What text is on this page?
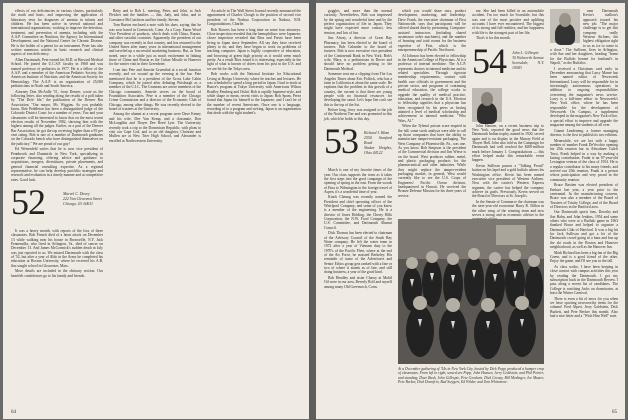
effects of our deficiencies in various classes, particularly the math and basic, and improving the application of laboratory tests for diagnoses of anemia in infants and children. He has been active in several national and international organizations, working to improve the detection, treatment, and prevention of anemia, including with the A.A.P. Committee on Nutrition, the Agency for International Development, and the National Center for Chronic Disease. He is the holder of a patent for an instrument. Peter has also written numerous articles in basic research and clinical aspects of iron deficiency.

Allen Dartmouth, Pete earned his M.D. at Harvard Medical School. He joined the U.C.S.F. faculty in 1968 and was named professor of pediatrics in 1977. He is a fellow of the A.A.P. and a member of the American Pediatric Society, the American Institute of Nutrition, and the American Society for Hematology. The A.A.P. is an organization of 25,000 pediatricians in North and South America.

Attorney Don McArdle '51, from Denver, wrote us the following letter, also sending along the results of a poll taken by "The Drib- ble," the publication of the Denver Bar Association. "Our mayor, Mr. Wiggins. As you probably know, Bob Peddleton has been a distinguished judge of the Colorado District Court for a number of years. You and your classmates will be interested to know that on the most recent election results of November 1982, showing him with the highest among all the judges. Earlier, as a part of the Denver Bar Association, he got the top receiving higher than a 95 per cent rating. Bob is one of a number of Dartmouth graduates on the Colorado bench who have distinguished themselves on the judiciary." We are proud of our guy!

Ed Weisenfeld writes that he is now vice president of Pennbrook and Dunmirck in New York, specializing in corporate financing, offering advice and guidance to acquisitions, mergers, divestitures, private placements, and general financial consulting expertise. As a regional representative, he can help develop portfolio strategies and research and evaluation in a timely manner and at competitive rates. Good luck.

52	Marvel C. Davey
222 Van Cleavenst Street
Chicago, Ill. 60611

It was a heavy month, with reports of the loss of three classmates. Bob French died of a heart attack on December 13 while walking near his house in Bronxville, N.Y. Jack Fennemilks, who lived in Arlington, Va., died of cancer on December 13. And James McCormick's sudden death in July was just reported to us. We missed Dartmouth with the class of '52, but after a year of Aldo in the Army he completed his education at Boston University, where he received his A.B. Jim sought school in Gloucester, Mass.

More details are included in the obituary section. Our heartfelt condolences go to his family and friends.

Betty and to Bob L. meeting, Peter, and John, to Jack Fletcher and the families — Jim, Judy, and John, and to Constance McCutcheon and her family, Steven.

Tom Burton enclosed a note with his dues, saying that he was now based in Greenwich, Conn. As a Corp. Eaton Wood Vice President of products, which deals with China, Russia, and other socialist countries. Apparently, the president of our company was recently in that country, and has returned to the United States after many years in international management and traveled up a successful marketing business. But, as Tom noted, once in a while just as much excitement in linking those of China and Russia as the Cuban Missile in Hanover for the winter visit in their Greenbrier.

I ran into Pete and Annette Gruenthal at a social function recently, and we wound up the evening at the bar. Pete mentioned that he is a president of the Gross Lake Cabin Company, which he joined after debuting Pittsburgh as a member of the C.I.C. The Gruntons are active members of the Chicago community. Annette serves on the board of Foundation Associates. Pete is a member of the Chicago Crime Commission and a director of the Economic Club of Chicago, among other things. He was recently elected to the board of trustees at the University.

Among the alumni at a recent program were Dave Kenny and his wife, Dee Van Kemp, and a classmate, Don McLaughlin and Thayer Dee Reed Lyte. The University recently took a trip to the Dominican Republic, with plans to visit our Cape Cod, and to an old daughter, Christine and Mullen are at New Trier High School, and Alexander is enrolled at Northwestern University.

An article in The Wall Street Journal recently announced the appointment of Charles Clough to the position of second vice president of the Nashua Corporation in Nashua, N.H. Congratulations, Charlie.

Bob Bowers has been a long time on some four attorneys. Close inspection revealed that the hemophiliacs were Japanese; closer inspection revealed that Bios and Presto have been living in Japan since September. All say they have received plenty to do, and they have begun to work on problems of teaching computer. Japan is highly cooperative of education, and browsing at green high priority as it would seem much pretty. As a result Bios found it is interesting, especially in the light of what is known of drives from his post in the U.S. and we are hit for the Tokyo area.

Bob works with the National Institute for Educational Living at Horigu University, where he teaches and lectures. He was scheduled to spend a long period in Japan. I had to teach at Bunce's program at Tokyo University with Americans Wilson Bradley Feinberg and Oishii. Bob is rapidly Japanese-style, and while shape or mean, recent visits to Japan: Bob Spam, Perez found that Japan for himself to the Japanese, and I can't be of the number of recent Americans. Once one is a language, recording of to a program and writing, Japan is an organization that deals with the right student's.

64

goggles, and more than the normal curiosity. Nevertheless, Bob was impressed by the spring and wonderful time and by the perfect organization of life in Japan. They might have expected more contact, less tension, and lots of fun.

Jim Alway, a director of Great Bay Pharmacy, has been elected to the board of trustees. Bob Gelander to the board of trustees. Bob is now executive vice president of the Continental Bank in New York. Bob's wife, Mary, is a pediatrician in Dover and should have no problem getting to the Dartmouth Medical.

Someone sent me a clipping from The Los Angeles Times about Eric Pollock, who has a farm in California at about the same scale. He explains that the problem in this growth of a country, the current is that there are young people with no financial resources for developing the canal. Let's hope Jim can't see this to the top of the list.

Before long, Jerry was assigned to the job of the Northern Tier and was promoted to this job, which he holds to this day.

53 Richard J. Blum
2550 Stanford Road
Shaker Heights, Ohio 44122

March is one of my favorite times of the year. Our class supports the town as it takes the first steps into the good campaign of the opening of spring in the east. From the woods of Etna to Wilmington to the foreign travel of Aspen, it's a wonderful time of year.

Kinch Cheung was recently named the President and chief operating officer of the Whirlpool Company, and some of you know is a member of the engineering. He is a director of Jones Holding, the Cherry Hills Corporation, the N.W. Food Company, the U.S. Committee, and Dartmouth Alumni Council.

Dick Thomas has been elected to chairman of the Advisory Council of the South Bay Water company. He left the water team in 1972 after a year of Vietnam duty to the 1970's of the Pacific Fleet, where at the end of the Air Force, he assisted Berkeley. His reminder of some of the Advertisers and Senior Ethics group gets ranked with a line or two of where it stands as of late, and still doing business, a year of the good kind.

Bob Headley and sister Chassy at Mobil Oil were in our area, Beverly Rolf and myself among many Old Greenwich, Conn.

which you would share ours, product development, marketing, and leadership. Dave Frank, the executive chairman of First Nationwide, says that participants will be offered shared data by pretraining. Computer-assisted instructors (including shared sustenance order machines), and the number of learning and total rooms for the business expertise of First, which is the entrepreneurship of Pacific Northwest.

Al Johnson has been elected to fellowship in the American College of Physicians. Al is a professor of internal medicine. The A.C.P. represents doctors in internal medicine and its related specialties. Through rigorous membership requirements, contact with health care officials in government and the private sector, and programs of continuing medical education, the college works to upgrade the quality of medical practice, education, and research in the U.S. Election to fellowship signifies that a physician has been recognized by his peers as having attained a level of medical scholarship and achievement in internal medicine. "Who Wins, Al."

When the Tylenol poison scare erupted in the fall, some stock analysts were able to call up those companies that have the ability to manufacture tamper-resistant packaging. The West Company of Phoenixville, Pa., was one. As you know, Bob Simpson is the president of the Commercial division and Jim Wiese is on the board. West produces rubber, metal, and plastic packaging products for the pharmaceutical and other industries. While they might replace the tamper-evident packaging market, in general, West would currently like to see the U.S. Corps of Engineers/ Pacific Ocean division, headquartered in Hawaii. He received the Bronze Defense Mission for his three years of service.

me. She had been killed in an automobile accident. I'm too much for Scarsdale, but this was one of the most positive and uplifting accounts I have ever encountered. The biggest of its strong and full realities, and her happiness with life is the strongest part of her life.

That's it for this month.

54 John L. Gillespie
30 Walworth Avenue
Scarsdale, N.Y. 10583

John Hansen, on a recent business trip to New York, reported the good news that the Dartmouth Indian trophy, named in 1920, served again and is on display in the Murray Field at Thayer Hall. John also told us the Campaign for Dartmouth had well reached the $200-million mark before January 1. Congratulations — this effort helped make this remarkable event happen.

Kevin Sullivan pauses a "Talking Proud" button on his lapel and a gold buffalo adorns his Washington office. Kevin has been named executive vice president of Western Airlines. Now with the carrier's Western Express segment, the carrier has helped the company achieve its goals. Previously, Kevin served on the Board of Directors at St. Joseph's.

In the Senate of Commerce the chairman was the next-year-old economist Harry R. Dillon in the other wing of the winning team and now serves a strong and as economic adviser to the

near Dartmouth Kevin's stallion's approach toward his new job. "The major challenge is to get this company really Western Airlines, the highest obligation right to us as ice to come to a close." The Sullivan, lives in Arlington, with Sue and her daughters, heading "home for the Buffalo bonnet for husband's in Napoli," as the Buffalos.

I received a Christmas card early in December announcing that Larry Marne has been named editor of Newsweek International. Larry will be responsible for in increasingly autonomous operations in addition to ongoing responsibilities overseeing the magazine's news service. Larry is a full-time editor in Newsweek's New York office, where he has been responsible for the development of Newsweek On Campus, a supplement developed in the magazine's New York office, a special effort to improve and upgrade the magazine among the students of all over.

Gianni Lendeneng, a former managing director, is the first to publish its two editions.

Meanwhile, we are hot with a happy number of number Frank DeVecchio opening his 25th reunion bar in Ahwahnee Gulch Trust, Frank helped in a way by making a lasting contribution. Frank is an 87-year-old Lexington veteran of the class of 1954. He is a regular contributor to his many friends, and arrived our 25th reunion, Frank is a person whose participation and very proud in the community reunion.

Bruce Bastien was elected president of Emhart last year, a year prior to the centennial. In the manufacturing concern, Bruce was also a member of the Board of Trustees of Trinity College, and of the Board of Directors in the Hartford area.

Our Dartmouth sports fans, Dorothy and Jim Hahn, and John Jenkins, 1954 and some others who were at a Buffalo game in 1963 thanked Bruce and helped to organize a Dartmouth Club of Hartford. It was a big hit for Jack Sullivan and got a lot of the Dartmouth crowd going in a barn and bus up the ski roads in the Boston and Hanover neighborhood, as well as the Hanover Inn.

Mark Richard has been a big fan of the Big Green, and is a good friend of the other. Enjoy the game, and I'll see you in the fall.

As class scribe, I have been keeping in close contact with campus activities this year by reading the Dartmouth. I got my subscription back in the Dartmouth Review. I pass along a recent list of candidates. The College is watching Jacks on dormitories, at least the Winter Carnival.

There is even a bit of news for you when we have sporting newsworthy items for the column! Fred Alpert, Jerry Goldstein, Dick Burkett, and Pete Becker this month. Also had a nice letter and a "Wish Him Well" note.

At a December gathering of '54s in New York City, hosted by Dick Popp, produced a bumper crop of classmates. From left to right, seated are Popp, John Hansen, Jerry Goldstein, and Phil Poirier, and standing, Dave Bush, John Gillespie, Pete Goodwin, Dick Greasy, Bill Medinger, Joe Muster, Pete Becker, Dick Donofrio, Bud Swygert, Ed Wilder, and Tom Whitemore.
65
